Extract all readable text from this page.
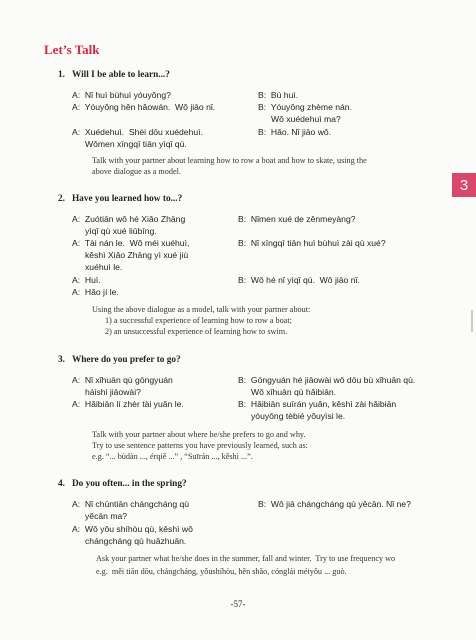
Let’s Talk
3
1.   Will I be able to learn...?
A:  Nǐ huì bùhuì yóuyǒng?	B:  Bú huì.
A:  Yóuyǒng hěn hǎowán.  Wǒ jiāo nǐ.	B:  Yóuyǒng zhème nán.
Wǒ xuédehuì ma?
A:  Xuédehuì.  Shéi dōu xuédehuì.	B:  Hǎo. Nǐ jiāo wǒ.
Wǒmen xīngqī tiān yìqǐ qù.
Talk with your partner about learning how to row a boat and how to skate, using the
above dialogue as a model.
2.   Have you learned how to...?
A:  Zuótiān wǒ hé Xiǎo Zhāng	B:  Nǐmen xué de zěnmeyàng?
yìqǐ qù xué liūbīng.
A:  Tài nán le.  Wǒ méi xuéhuì,	B:  Nǐ xīngqī tiān huì bùhuì zài qù xué?
kěshì Xiǎo Zhāng yì xué jiù
xuéhuì le.
A:  Huì.	B:  Wǒ hé nǐ yìqǐ qù.  Wǒ jiāo nǐ.
A:  Hǎo jí le.
Using the above dialogue as a model, talk with your partner about:
1) a successful experience of learning how to row a boat;
2) an unsuccessful experience of learning how to swim.
3.   Where do you prefer to go?
A:  Nǐ xǐhuān qù gōngyuán	B:  Gōngyuán hé jiāowài wǒ dōu bù xǐhuān qù.
háishi jiāowài?	Wǒ xǐhuān qù hǎibiān.
A:  Hǎibiān lí zhèr tài yuǎn le.	B:  Hǎibiān suīrán yuǎn, kěshì zài hǎibiān
yóuyǒng tèbié yǒuyìsi le.
Talk with your partner about where he/she prefers to go and why.
Try to use sentence patterns you have previously learned, such as:
e.g. “... bùdàn ..., érqiě ...” , “Suīrán ..., kěshì ...”.
4.   Do you often... in the spring?
A:  Nǐ chūntiān chángcháng qù	B:  Wǒ jiā chángcháng qù yěcān. Nǐ ne?
yěcān ma?
A:  Wǒ yǒu shíhòu qù, kěshì wǒ
chángcháng qù huāzhuān.
Ask your partner what he/she does in the summer, fall and winter.  Try to use frequency wo
e.g.  měi tiān dōu, chángcháng, yǒushíhòu, hěn shǎo, cónglái méiyǒu ... guò.
-57-
